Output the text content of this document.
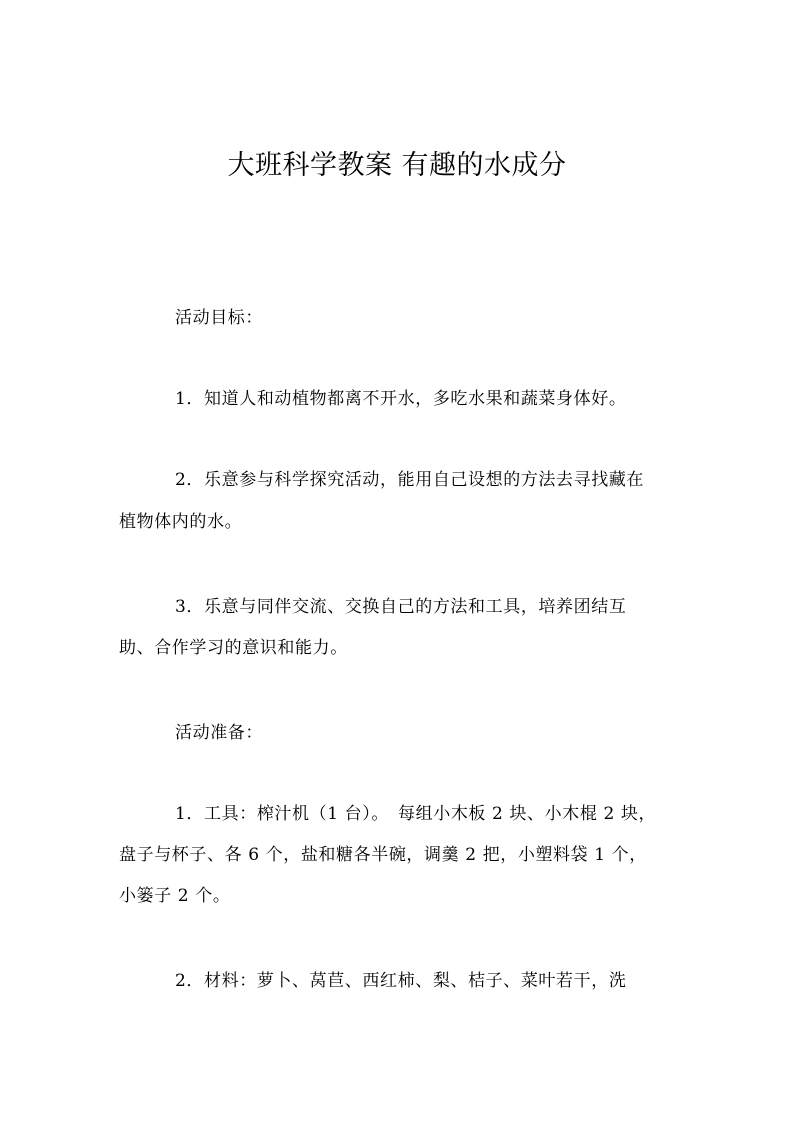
大班科学教案 有趣的水成分
活动目标：
1．知道人和动植物都离不开水，多吃水果和蔬菜身体好。
2．乐意参与科学探究活动，能用自己设想的方法去寻找藏在
植物体内的水。
3．乐意与同伴交流、交换自己的方法和工具，培养团结互
助、合作学习的意识和能力。
活动准备：
1．工具：榨汁机（1 台）。　每组小木板 2 块、小木棍 2 块，
盘子与杯子、各 6 个，盐和糖各半碗，调羹 2 把，小塑料袋 1 个，
小篓子 2 个。
2．材料：萝卜、莴苣、西红柿、梨、桔子、菜叶若干，洗
